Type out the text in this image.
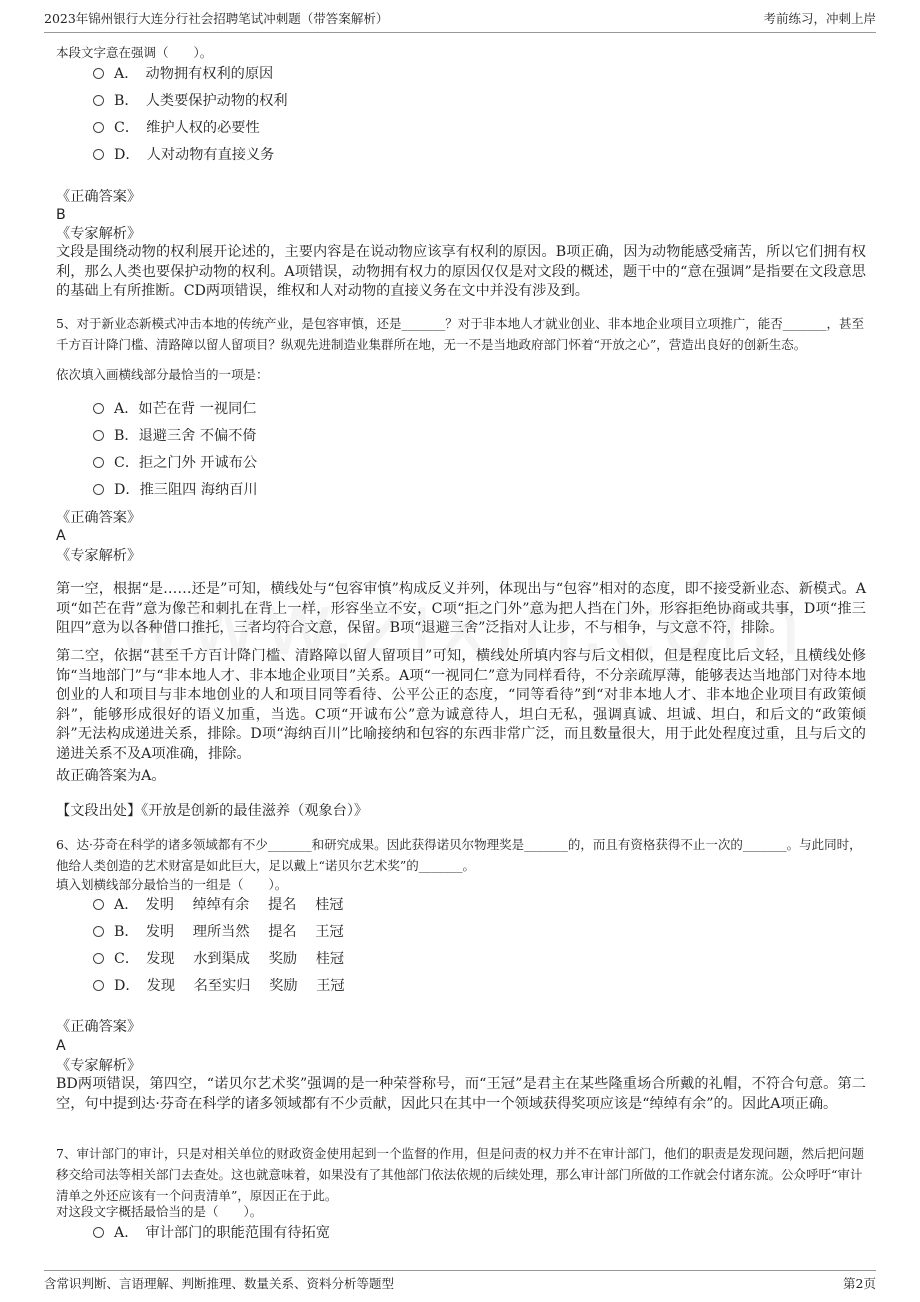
2023年锦州银行大连分行社会招聘笔试冲刺题（带答案解析）	考前练习，冲刺上岸
本段文字意在强调（　　）。
A．　动物拥有权利的原因
B．　人类要保护动物的权利
C．　维护人权的必要性
D．　人对动物有直接义务
《正确答案》
B
《专家解析》
文段是围绕动物的权利展开论述的，主要内容是在说动物应该享有权利的原因。B项正确，因为动物能感受痛苦，所以它们拥有权利，那么人类也要保护动物的权利。A项错误，动物拥有权力的原因仅仅是对文段的概述，题干中的“意在强调”是指要在文段意思的基础上有所推断。CD两项错误，维权和人对动物的直接义务在文中并没有涉及到。
5、对于新业态新模式冲击本地的传统产业，是包容审慎，还是_______？对于非本地人才就业创业、非本地企业项目立项推广，能否_______，甚至千方百计降门槛、清路障以留人留项目？纵观先进制造业集群所在地，无一不是当地政府部门怀着“开放之心”，营造出良好的创新生态。
依次填入画横线部分最恰当的一项是：
A．如芒在背 一视同仁
B．退避三舍 不偏不倚
C．拒之门外 开诚布公
D．推三阻四 海纳百川
《正确答案》
A
《专家解析》
第一空，根据“是……还是”可知，横线处与“包容审慎”构成反义并列，体现出与“包容”相对的态度，即不接受新业态、新模式。A项“如芒在背”意为像芒和刺扎在背上一样，形容坐立不安，C项“拒之门外”意为把人挡在门外，形容拒绝协商或共事，D项“推三阻四”意为以各种借口推托，三者均符合文意，保留。B项“退避三舍”泛指对人让步，不与相争，与文意不符，排除。
第二空，依据“甚至千方百计降门槛、清路障以留人留项目”可知，横线处所填内容与后文相似，但是程度比后文轻，且横线处修饰“当地部门”与“非本地人才、非本地企业项目”关系。A项“一视同仁”意为同样看待，不分亲疏厚薄，能够表达当地部门对待本地创业的人和项目与非本地创业的人和项目同等看待、公平公正的态度，“同等看待”到“对非本地人才、非本地企业项目有政策倾斜”，能够形成很好的语义加重，当选。C项“开诚布公”意为诚意待人，坦白无私，强调真诚、坦诚、坦白，和后文的“政策倾斜”无法构成递进关系，排除。D项“海纳百川”比喻接纳和包容的东西非常广泛，而且数量很大，用于此处程度过重，且与后文的递进关系不及A项准确，排除。
故正确答案为A。
【文段出处】《开放是创新的最佳滋养（观象台）》
6、达·芬奇在科学的诸多领域都有不少_______和研究成果。因此获得诺贝尔物理奖是_______的，而且有资格获得不止一次的_______。与此同时，他给人类创造的艺术财富是如此巨大，足以戴上“诺贝尔艺术奖”的_______。
填入划横线部分最恰当的一组是（　　）。
A．　发明　 绰绰有余　 提名　 桂冠
B．　发明　 理所当然　 提名　 王冠
C．　发现　 水到渠成　 奖励　 桂冠
D．　发现　 名至实归　 奖励　 王冠
《正确答案》
A
《专家解析》
BD两项错误，第四空，“诺贝尔艺术奖”强调的是一种荣誉称号，而“王冠”是君主在某些隆重场合所戴的礼帽，不符合句意。第二空，句中提到达·芬奇在科学的诸多领域都有不少贡献，因此只在其中一个领域获得奖项应该是“绰绰有余”的。因此A项正确。
7、审计部门的审计，只是对相关单位的财政资金使用起到一个监督的作用，但是问责的权力并不在审计部门，他们的职责是发现问题，然后把问题移交给司法等相关部门去查处。这也就意味着，如果没有了其他部门依法依规的后续处理，那么审计部门所做的工作就会付诸东流。公众呼吁“审计清单之外还应该有一个问责清单”，原因正在于此。
对这段文字概括最恰当的是（　　）。
A．　审计部门的职能范围有待拓宽
含常识判断、言语理解、判断推理、数量关系、资料分析等题型	第2页
